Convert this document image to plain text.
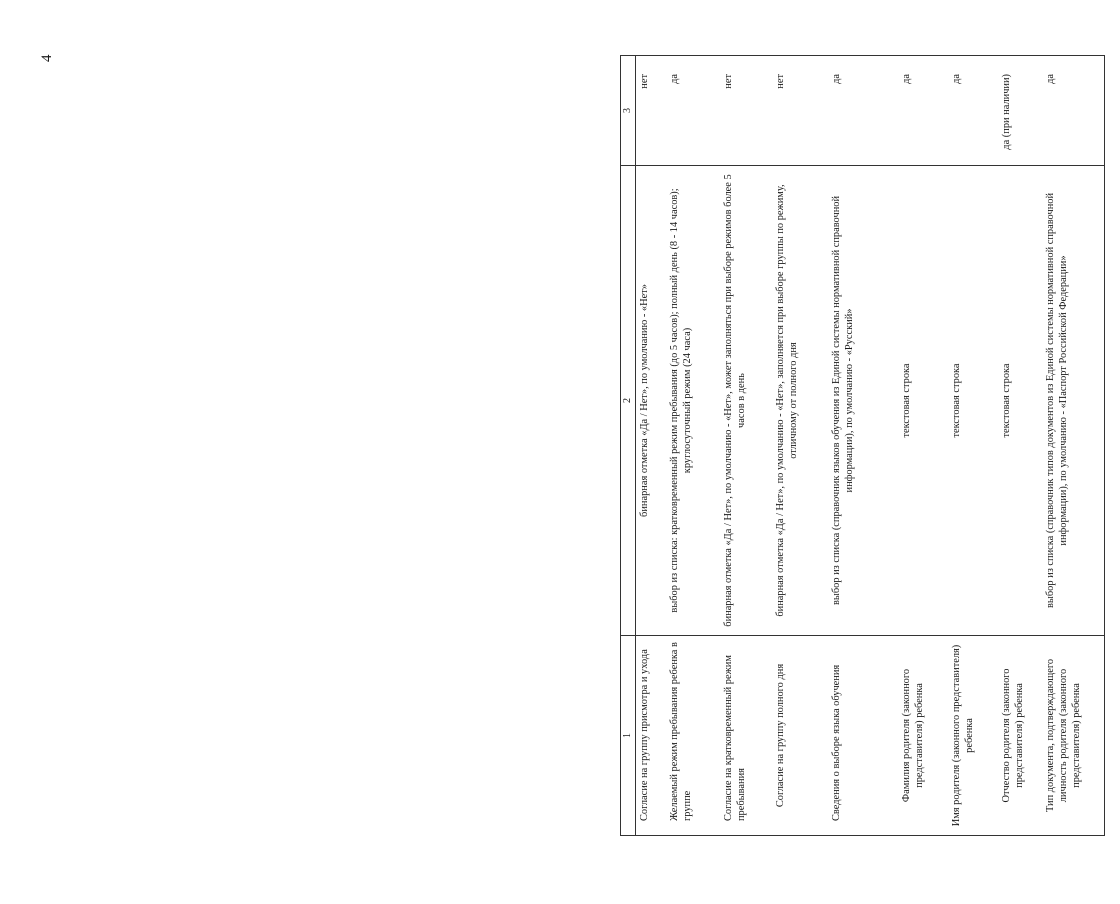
4
1	2	3
Согласие на группу присмотра и ухода	бинарная отметка «Да / Нет», по умолчанию - «Нет»	нет
Желаемый режим пребывания ребенка в группе	выбор из списка: кратковременный режим пребывания (до 5 часов); полный день (8 - 14 часов); круглосуточный режим (24 часа)	да
Согласие на кратковременный режим пребывания	бинарная отметка «Да / Нет», по умолчанию - «Нет», может заполняться при выборе режимов более 5 часов в день	нет
Согласие на группу полного дня	бинарная отметка «Да / Нет», по умолчанию - «Нет», заполняется при выборе группы по режиму, отличному от полного дня	нет
Сведения о выборе языка обучения	выбор из списка (справочник языков обучения из Единой системы нормативной справочной информации), по умолчанию - «Русский»	да
Фамилия родителя (законного представителя) ребенка	текстовая строка	да
Имя родителя (законного представителя) ребенка	текстовая строка	да
Отчество родителя (законного представителя) ребенка	текстовая строка	да (при наличии)
Тип документа, подтверждающего личность родителя (законного представителя) ребенка	выбор из списка (справочник типов документов из Единой системы нормативной справочной информации), по умолчанию - «Паспорт Российской Федерации»	да
